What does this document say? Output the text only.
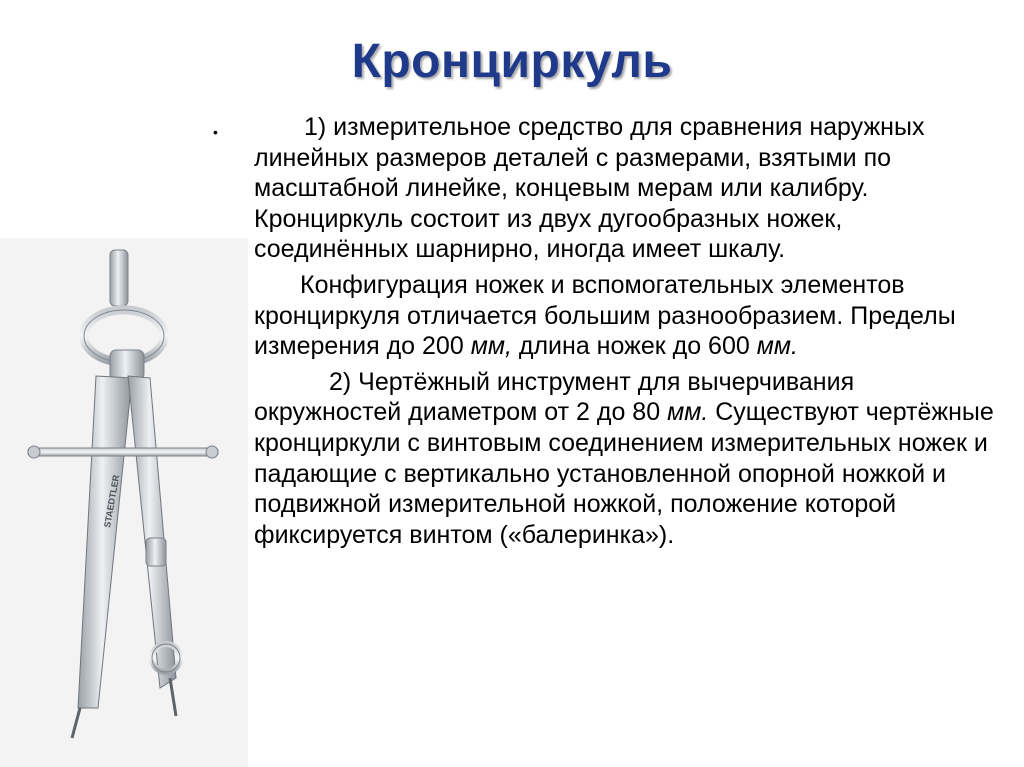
Кронциркуль
•
STAEDTLER

1) измерительное средство для сравнения наружных линейных размеров деталей с размерами, взятыми по масштабной линейке, концевым мерам или калибру. Кронциркуль состоит из двух дугообразных ножек, соединённых шарнирно, иногда имеет шкалу.

Конфигурация ножек и вспомогательных элементов кронциркуля отличается большим разнообразием. Пределы измерения до 200 мм, длина ножек до 600 мм.

2) Чертёжный инструмент для вычерчивания окружностей диаметром от 2 до 80 мм. Существуют чертёжные кронциркули с винтовым соединением измерительных ножек и падающие с вертикально установленной опорной ножкой и подвижной измерительной ножкой, положение которой фиксируется винтом («балеринка»).
